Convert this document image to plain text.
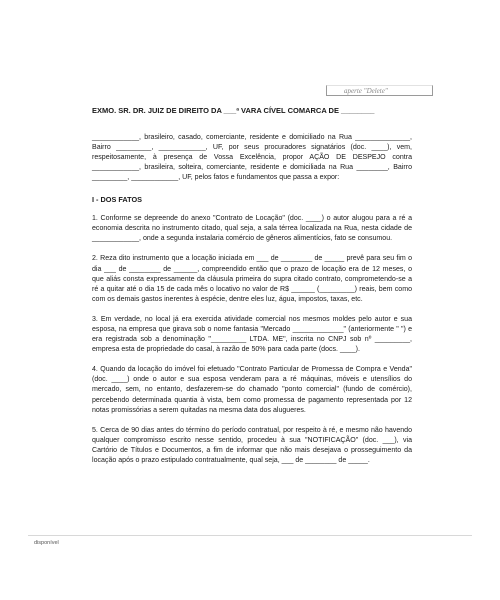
aperte "Delete"

EXMO. SR. DR. JUIZ DE DIREITO DA ___ª VARA CÍVEL COMARCA DE ________

____________, brasileiro, casado, comerciante, residente e domiciliado na Rua ______________, Bairro _________, ____________, UF, por seus procuradores signatários (doc. ____), vem, respeitosamente, à presença de Vossa Excelência, propor AÇÃO DE DESPEJO contra ____________, brasileira, solteira, comerciante, residente e domiciliada na Rua ________, Bairro _________, ____________, UF, pelos fatos e fundamentos que passa a expor:

I - DOS FATOS

1. Conforme se depreende do anexo "Contrato de Locação" (doc. ____) o autor alugou para a ré a economia descrita no instrumento citado, qual seja, a sala térrea localizada na Rua, nesta cidade de ____________, onde a segunda instalaria comércio de gêneros alimentícios, fato se consumou.

2. Reza dito instrumento que a locação iniciada em ___ de ________ de _____ prevê para seu fim o dia ___ de ________ de ______, compreendido então que o prazo de locação era de 12 meses, o que aliás consta expressamente da cláusula primeira do supra citado contrato, comprometendo-se a ré a quitar até o dia 15 de cada mês o locativo no valor de R$ ______ (_________) reais, bem como com os demais gastos inerentes à espécie, dentre eles luz, água, impostos, taxas, etc.

3. Em verdade, no local já era exercida atividade comercial nos mesmos moldes pelo autor e sua esposa, na empresa que girava sob o nome fantasia "Mercado _____________" (anteriormente " ") e era registrada sob a denominação "_________ LTDA. ME", inscrita no CNPJ sob nº _________, empresa esta de propriedade do casal, à razão de 50% para cada parte (docs. ____).

4. Quando da locação do imóvel foi efetuado "Contrato Particular de Promessa de Compra e Venda" (doc. ____) onde o autor e sua esposa venderam para a ré máquinas, móveis e utensílios do mercado, sem, no entanto, desfazerem-se do chamado "ponto comercial" (fundo de comércio), percebendo determinada quantia à vista, bem como promessa de pagamento representada por 12 notas promissórias a serem quitadas na mesma data dos alugueres.

5. Cerca de 90 dias antes do término do período contratual, por respeito à ré, e mesmo não havendo qualquer compromisso escrito nesse sentido, procedeu à sua "NOTIFICAÇÃO" (doc. ___), via Cartório de Títulos e Documentos, a fim de informar que não mais desejava o prosseguimento da locação após o prazo estipulado contratualmente, qual seja, ___ de ________ de _____.

disponível
